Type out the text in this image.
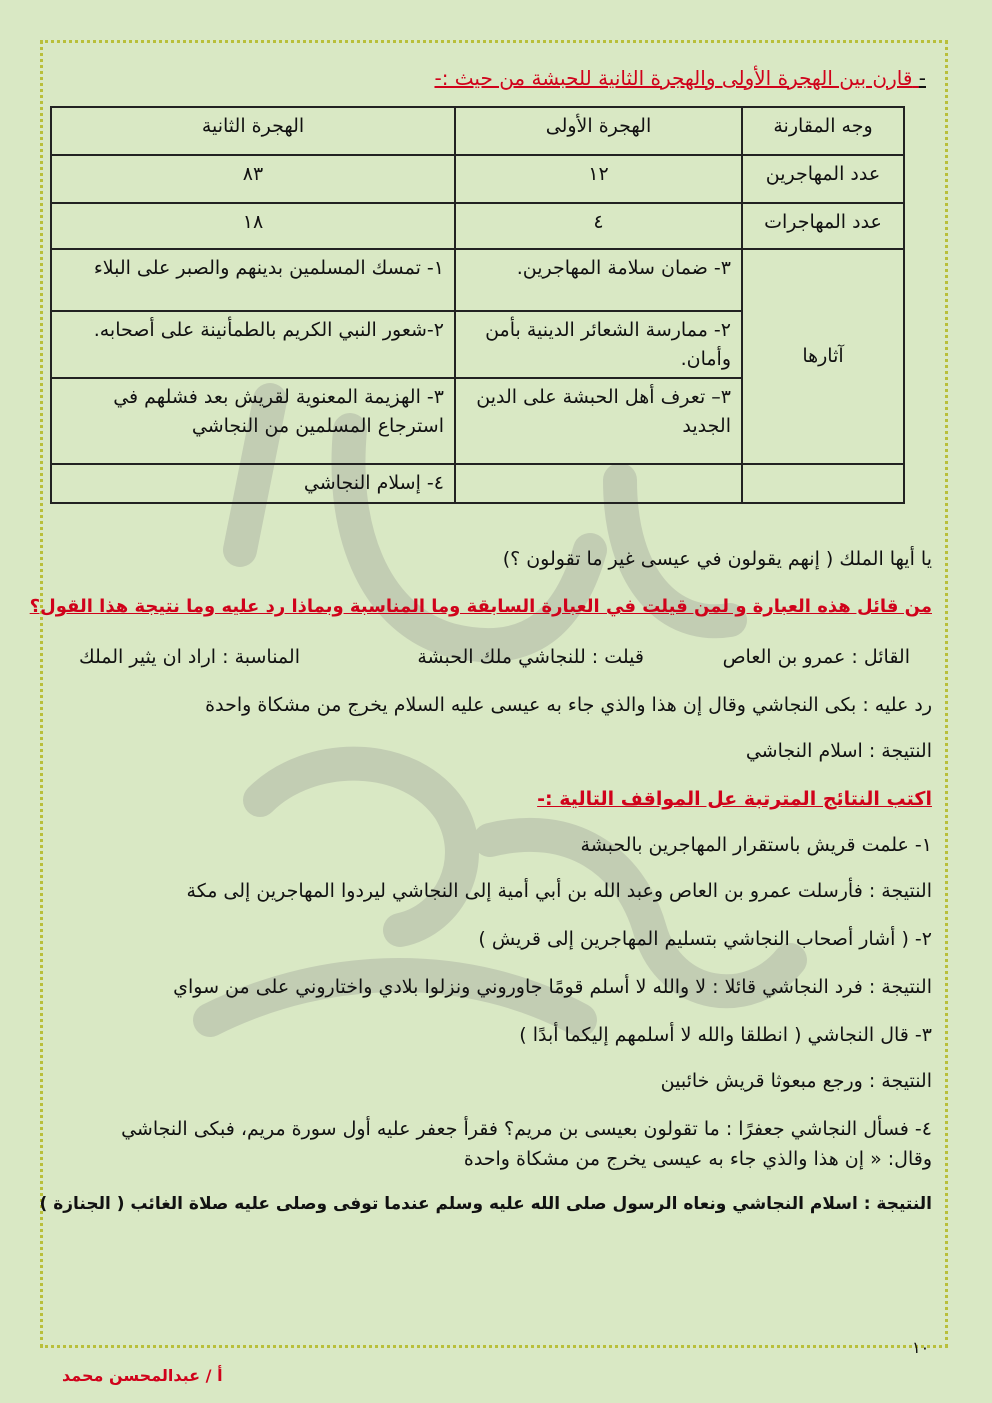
- قارن بين الهجرة الأولى والهجرة الثانية للحبشة من حيث :-
وجه المقارنة	الهجرة الأولى	الهجرة الثانية
عدد المهاجرين	١٢	٨٣
عدد المهاجرات	٤	١٨
آثارها	٣- ضمان سلامة المهاجرين.	١- تمسك المسلمين بدينهم والصبر على البلاء
	٢- ممارسة الشعائر الدينية بأمن وأمان.	٢-شعور النبي الكريم بالطمأنينة على أصحابه.
	٣– تعرف أهل الحبشة على الدين الجديد	٣- الهزيمة المعنوية لقريش بعد فشلهم في استرجاع المسلمين من النجاشي
		٤- إسلام النجاشي
يا أيها الملك ( إنهم يقولون في عيسى غير ما تقولون ؟)
من قائل هذه العبارة و لمن قيلت في العبارة السابقة وما المناسبة وبماذا رد عليه وما نتيجة هذا القول؟
القائل : عمرو بن العاص
قيلت : للنجاشي ملك الحبشة
المناسبة : اراد ان يثير الملك
رد عليه : بكى النجاشي وقال إن هذا والذي جاء به عيسى عليه السلام يخرج من مشكاة واحدة
النتيجة : اسلام النجاشي
اكتب النتائج المترتبة عل المواقف التالية :-
١- علمت قريش باستقرار المهاجرين بالحبشة
النتيجة : فأرسلت عمرو بن العاص وعبد الله بن أبي أمية إلى النجاشي ليردوا المهاجرين إلى مكة
٢- ( أشار أصحاب النجاشي بتسليم المهاجرين إلى قريش )
النتيجة : فرد النجاشي قائلا : لا والله لا أسلم قومًا جاوروني ونزلوا بلادي واختاروني على من سواي
٣- قال النجاشي ( انطلقا والله لا أسلمهم إليكما أبدًا )
النتيجة : ورجع مبعوثا قريش خائبين
٤- فسأل النجاشي جعفرًا : ما تقولون بعيسى بن مريم؟ فقرأ جعفر عليه أول سورة مريم، فبكى النجاشي
وقال: « إن هذا والذي جاء به عيسى يخرج من مشكاة واحدة
النتيجة : اسلام النجاشي ونعاه الرسول صلى الله عليه وسلم عندما توفى وصلى عليه صلاة الغائب ( الجنازة )
١٠
أ / عبدالمحسن محمد
